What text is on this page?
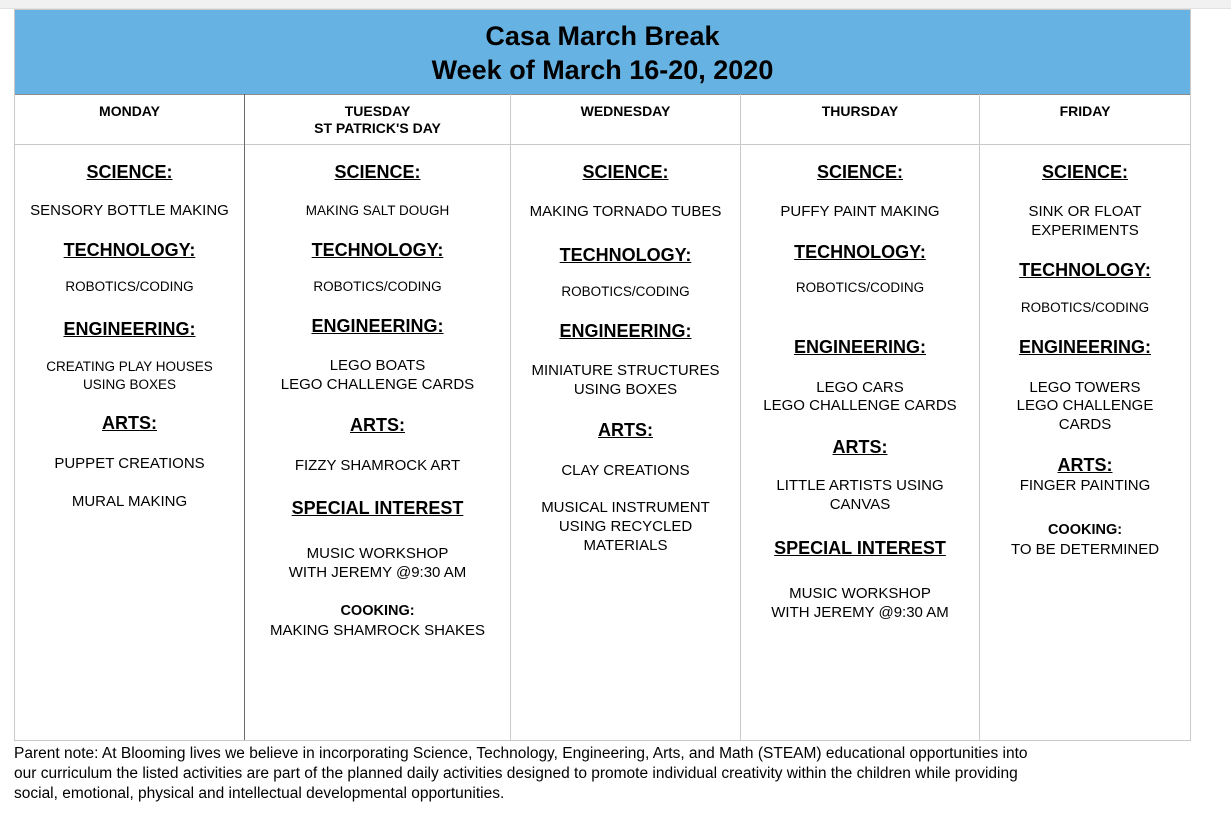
Casa March Break
Week of March 16-20, 2020
MONDAY
SCIENCE:
SENSORY BOTTLE MAKING
TECHNOLOGY:
ROBOTICS/CODING
ENGINEERING:
CREATING PLAY HOUSES
USING BOXES
ARTS:
PUPPET CREATIONS
MURAL MAKING
TUESDAY
ST PATRICK'S DAY
SCIENCE:
MAKING SALT DOUGH
TECHNOLOGY:
ROBOTICS/CODING
ENGINEERING:
LEGO BOATS
LEGO CHALLENGE CARDS
ARTS:
FIZZY SHAMROCK ART
SPECIAL INTEREST
MUSIC WORKSHOP
WITH JEREMY @9:30 AM
COOKING:
MAKING SHAMROCK SHAKES
WEDNESDAY
SCIENCE:
MAKING TORNADO TUBES
TECHNOLOGY:
ROBOTICS/CODING
ENGINEERING:
MINIATURE STRUCTURES
USING BOXES
ARTS:
CLAY CREATIONS
MUSICAL INSTRUMENT
USING RECYCLED
MATERIALS
THURSDAY
SCIENCE:
PUFFY PAINT MAKING
TECHNOLOGY:
ROBOTICS/CODING
ENGINEERING:
LEGO CARS
LEGO CHALLENGE CARDS
ARTS:
LITTLE ARTISTS USING
CANVAS
SPECIAL INTEREST
MUSIC WORKSHOP
WITH JEREMY @9:30 AM
FRIDAY
SCIENCE:
SINK OR FLOAT
EXPERIMENTS
TECHNOLOGY:
ROBOTICS/CODING
ENGINEERING:
LEGO TOWERS
LEGO CHALLENGE
CARDS
ARTS:
FINGER PAINTING
COOKING:
TO BE DETERMINED
Parent note: At Blooming lives we believe in incorporating Science, Technology, Engineering, Arts, and Math (STEAM) educational opportunities into
our curriculum the listed activities are part of the planned daily activities designed to promote individual creativity within the children while providing
social, emotional, physical and intellectual developmental opportunities.
